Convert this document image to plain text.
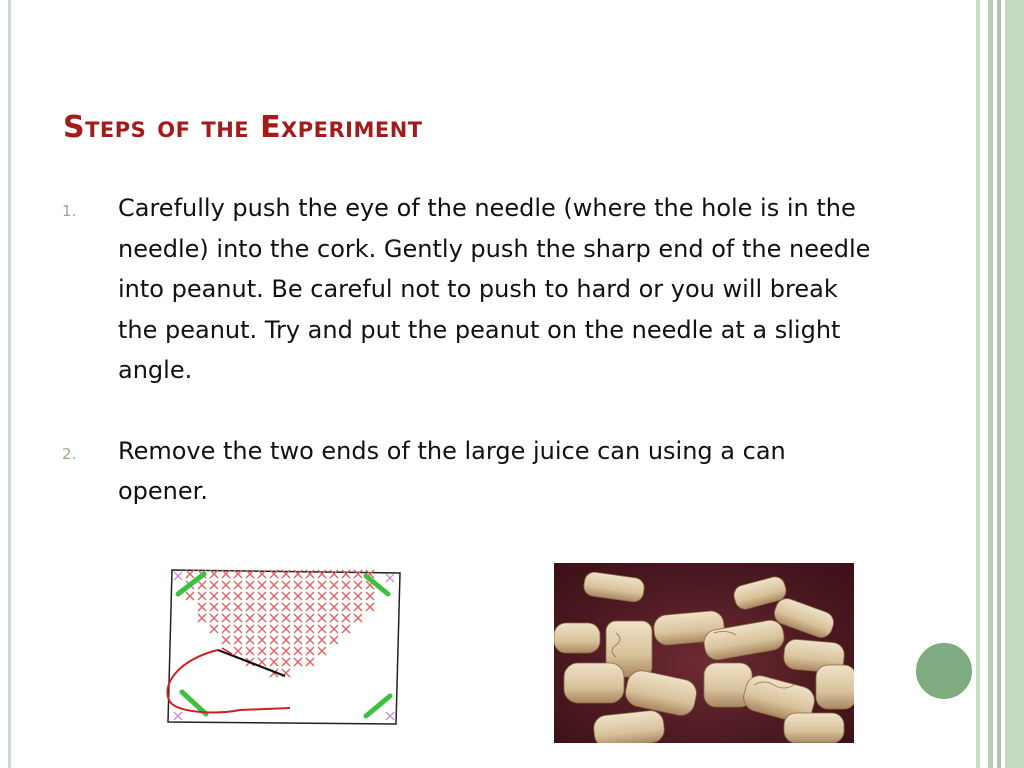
Steps of the Experiment
1.	Carefully push the eye of the needle (where the hole is in the needle) into the cork. Gently push the sharp end of the needle into peanut. Be careful not to push to hard or you will break the peanut. Try and put the peanut on the needle at a slight angle.
2.	Remove the two ends of the large juice can using a can opener.
